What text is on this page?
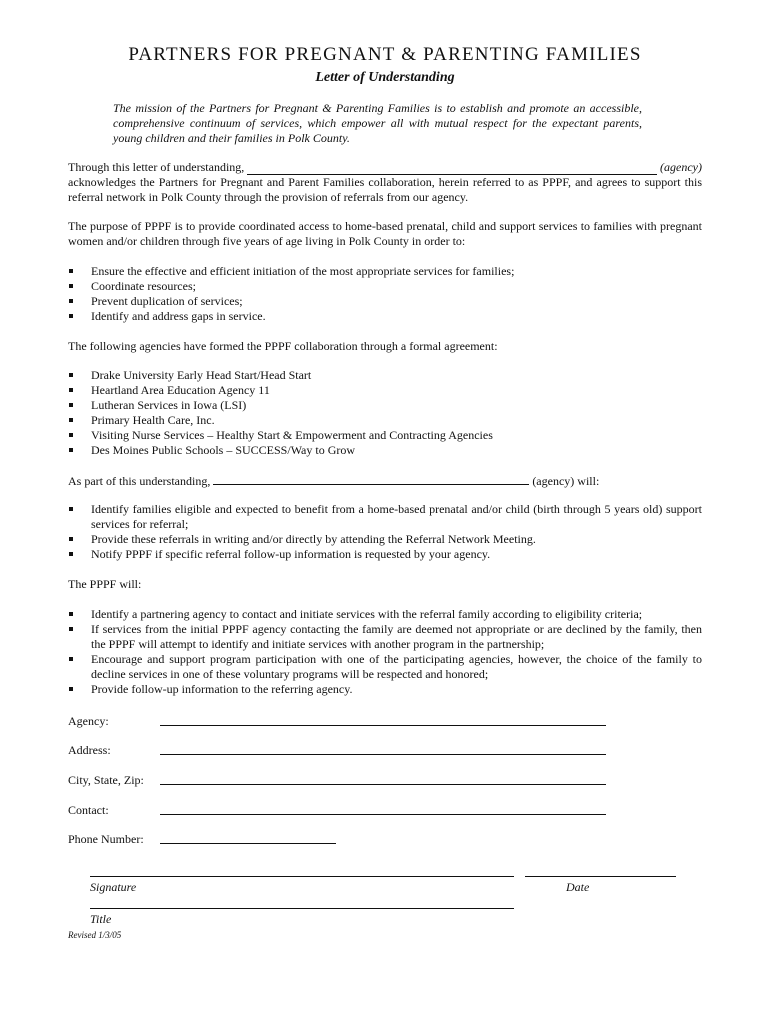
PARTNERS FOR PREGNANT & PARENTING FAMILIES
Letter of Understanding
The mission of the Partners for Pregnant & Parenting Families is to establish and promote an accessible, comprehensive continuum of services, which empower all with mutual respect for the expectant parents, young children and their families in Polk County.
Through this letter of understanding,	(agency)
acknowledges the Partners for Pregnant and Parent Families collaboration, herein referred to as PPPF, and agrees to support this referral network in Polk County through the provision of referrals from our agency.
The purpose of PPPF is to provide coordinated access to home-based prenatal, child and support services to families with pregnant women and/or children through five years of age living in Polk County in order to:
Ensure the effective and efficient initiation of the most appropriate services for families;
Coordinate resources;
Prevent duplication of services;
Identify and address gaps in service.
The following agencies have formed the PPPF collaboration through a formal agreement:
Drake University Early Head Start/Head Start
Heartland Area Education Agency 11
Lutheran Services in Iowa (LSI)
Primary Health Care, Inc.
Visiting Nurse Services – Healthy Start & Empowerment and Contracting Agencies
Des Moines Public Schools – SUCCESS/Way to Grow
As part of this understanding,	(agency) will:
Identify families eligible and expected to benefit from a home-based prenatal and/or child (birth through 5 years old) support services for referral;
Provide these referrals in writing and/or directly by attending the Referral Network Meeting.
Notify PPPF if specific referral follow-up information is requested by your agency.
The PPPF will:
Identify a partnering agency to contact and initiate services with the referral family according to eligibility criteria;
If services from the initial PPPF agency contacting the family are deemed not appropriate or are declined by the family, then the PPPF will attempt to identify and initiate services with another program in the partnership;
Encourage and support program participation with one of the participating agencies, however, the choice of the family to decline services in one of these voluntary programs will be respected and honored;
Provide follow-up information to the referring agency.
Agency:
Address:
City, State, Zip:
Contact:
Phone Number:
Signature	Date
Title
Revised 1/3/05
